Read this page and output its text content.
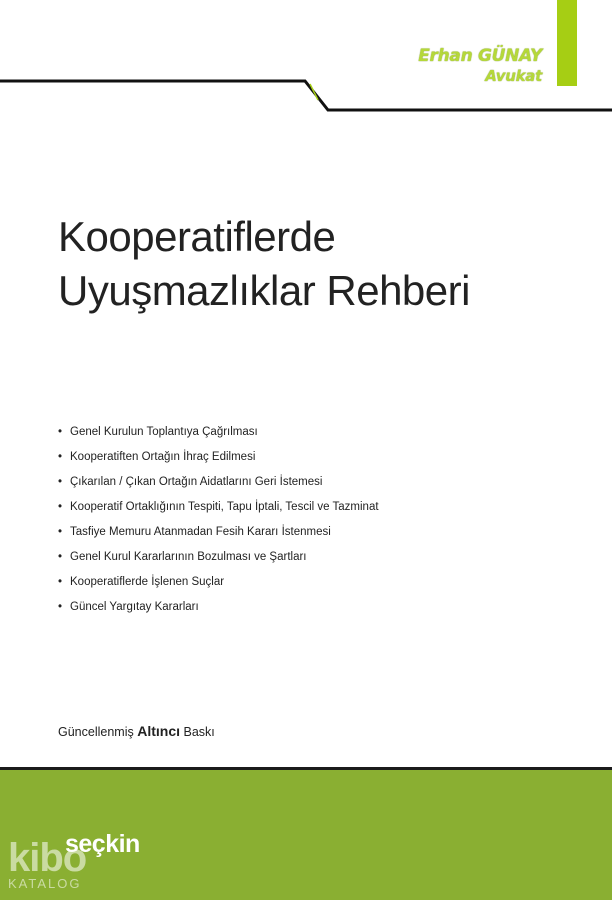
Erhan GÜNAY
Avukat
Kooperatiflerde
Uyuşmazlıklar Rehberi
• Genel Kurulun Toplantıya Çağrılması
• Kooperatiften Ortağın İhraç Edilmesi
• Çıkarılan / Çıkan Ortağın Aidatlarını Geri İstemesi
• Kooperatif Ortaklığının Tespiti, Tapu İptali, Tescil ve Tazminat
• Tasfiye Memuru Atanmadan Fesih Kararı İstenmesi
• Genel Kurul Kararlarının Bozulması ve Şartları
• Kooperatiflerde İşlenen Suçlar
• Güncel Yargıtay Kararları
Güncellenmiş Altıncı Baskı
kibo
KATALOG
seçkin
